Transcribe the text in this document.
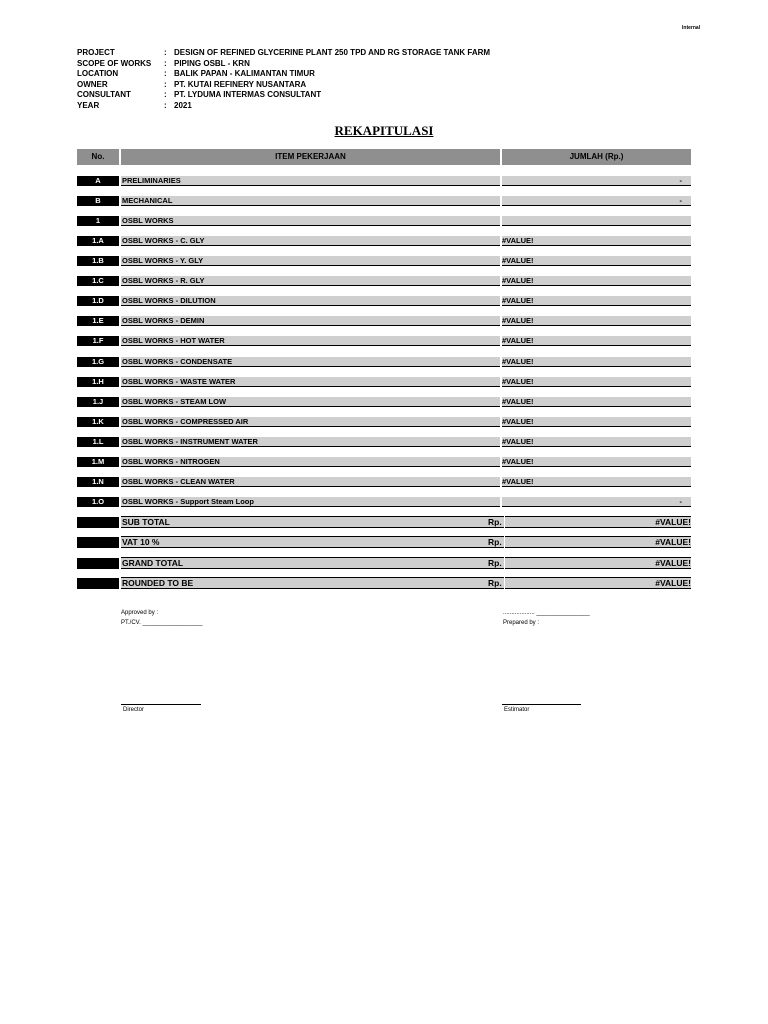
Internal
PROJECT	: DESIGN OF REFINED GLYCERINE PLANT 250 TPD AND RG STORAGE TANK FARM
SCOPE OF WORKS : PIPING OSBL - KRN
LOCATION	: BALIK PAPAN - KALIMANTAN TIMUR
OWNER	: PT. KUTAI REFINERY NUSANTARA
CONSULTANT	: PT. LYDUMA INTERMAS CONSULTANT
YEAR	: 2021
REKAPITULASI
No.	ITEM PEKERJAAN	JUMLAH (Rp.)
A	PRELIMINARIES	-
B	MECHANICAL	-
1	OSBL WORKS
1.A	OSBL WORKS - C. GLY	#VALUE!
1.B	OSBL WORKS - Y. GLY	#VALUE!
1.C	OSBL WORKS - R. GLY	#VALUE!
1.D	OSBL WORKS - DILUTION	#VALUE!
1.E	OSBL WORKS - DEMIN	#VALUE!
1.F	OSBL WORKS - HOT WATER	#VALUE!
1.G	OSBL WORKS - CONDENSATE	#VALUE!
1.H	OSBL WORKS - WASTE WATER	#VALUE!
1.J	OSBL WORKS - STEAM LOW	#VALUE!
1.K	OSBL WORKS - COMPRESSED AIR	#VALUE!
1.L	OSBL WORKS - INSTRUMENT WATER	#VALUE!
1.M	OSBL WORKS - NITROGEN	#VALUE!
1.N	OSBL WORKS - CLEAN WATER	#VALUE!
1.O	OSBL WORKS - Support Steam Loop	-
SUB TOTAL	Rp.	#VALUE!
VAT 10 %	Rp.	#VALUE!
GRAND TOTAL	Rp.	#VALUE!
ROUNDED TO BE	Rp.	#VALUE!
Approved by :
PT./CV. __________________
................... ________________
Prepared by :
Director	Estimator
